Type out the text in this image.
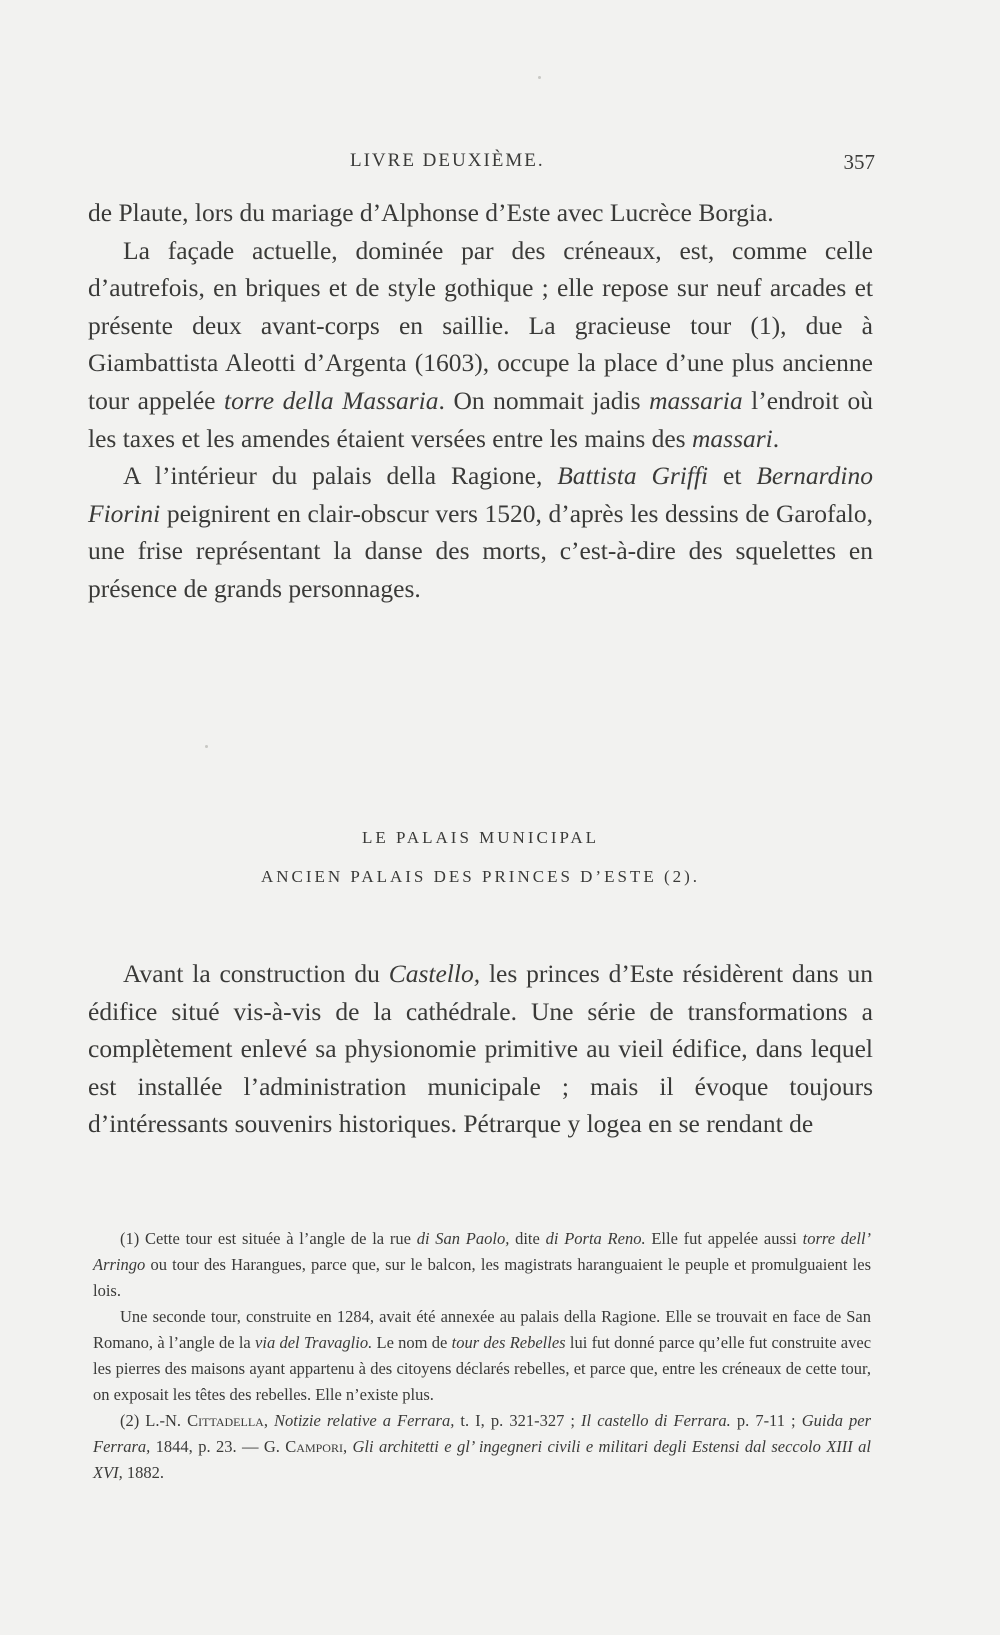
LIVRE DEUXIÈME.	357

de Plaute, lors du mariage d’Alphonse d’Este avec Lucrèce Borgia.

La façade actuelle, dominée par des créneaux, est, comme celle d’autrefois, en briques et de style gothique ; elle repose sur neuf arcades et présente deux avant-corps en saillie. La gracieuse tour (1), due à Giambattista Aleotti d’Argenta (1603), occupe la place d’une plus ancienne tour appelée torre della Massaria. On nommait jadis massaria l’endroit où les taxes et les amendes étaient versées entre les mains des massari.

A l’intérieur du palais della Ragione, Battista Griffi et Bernardino Fiorini peignirent en clair-obscur vers 1520, d’après les dessins de Garofalo, une frise représentant la danse des morts, c’est-à-dire des squelettes en présence de grands personnages.

LE PALAIS MUNICIPAL
ANCIEN PALAIS DES PRINCES D’ESTE (2).

Avant la construction du Castello, les princes d’Este résidèrent dans un édifice situé vis-à-vis de la cathédrale. Une série de transformations a complètement enlevé sa physionomie primitive au vieil édifice, dans lequel est installée l’administration municipale ; mais il évoque toujours d’intéressants souvenirs historiques. Pétrarque y logea en se rendant de

(1) Cette tour est située à l’angle de la rue di San Paolo, dite di Porta Reno. Elle fut appelée aussi torre dell’ Arringo ou tour des Harangues, parce que, sur le balcon, les magistrats haranguaient le peuple et promulguaient les lois.

Une seconde tour, construite en 1284, avait été annexée au palais della Ragione. Elle se trouvait en face de San Romano, à l’angle de la via del Travaglio. Le nom de tour des Rebelles lui fut donné parce qu’elle fut construite avec les pierres des maisons ayant appartenu à des citoyens déclarés rebelles, et parce que, entre les créneaux de cette tour, on exposait les têtes des rebelles. Elle n’existe plus.

(2) L.-N. Cittadella, Notizie relative a Ferrara, t. I, p. 321-327 ; Il castello di Ferrara. p. 7-11 ; Guida per Ferrara, 1844, p. 23. — G. Campori, Gli architetti e gl’ ingegneri civili e militari degli Estensi dal seccolo XIII al XVI, 1882.
